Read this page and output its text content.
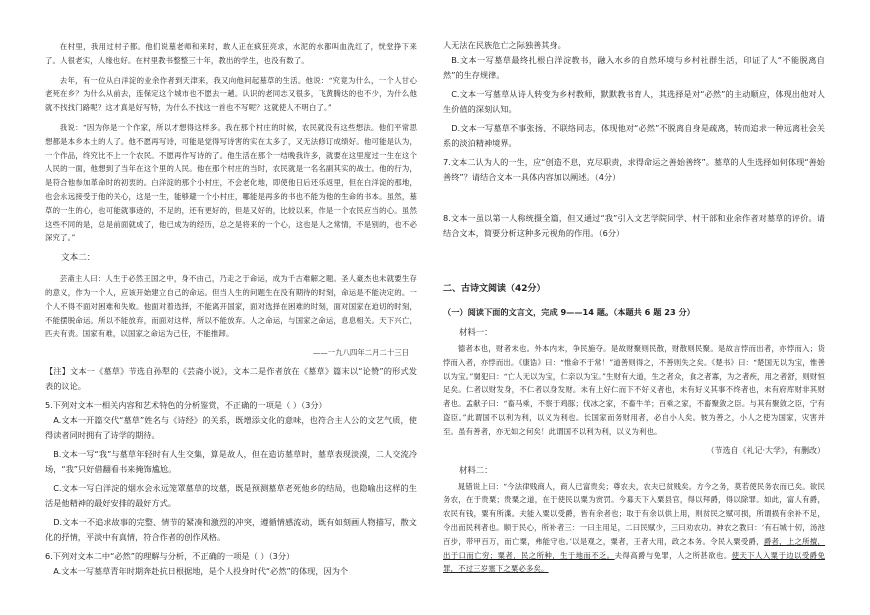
在村里，我用过村子都。他们说墓老师和来时，敢人正在疯狂亮求，水泥的水都叫血洗红了，恍堂挣下来了。人很老实，人缘也好。在村里教书整整三十年，教出的学生，也没有数了。

去年，有一位从白洋淀的业余作者到天津来，我又向他问起墓草的生活。他说：“究竟为什么，一个人甘心老死在乡？为什么从前去，连保定这个城市也不愿去一趟。认识的老同志又很多，飞黄腾达的也不少，为什么他就不找找门路呢？这才真是好写特，为什么不找这一首也不写呢？这就使人不明白了。”

我说：“因为你是一个作家，所以才想得这样多。我在那个村庄的时候，农民就没有这些想法。他们平常思想都是本乡本土的人了。他不愿再写诗，可能是觉得写诗害的实在太多了，又无法修订成绩好。他可能是认为，一个作品，终究比不上一个农民。不愿再作写诗的了。他生活在那个一结晚我许多，就要在这里度过一生在这个人民的一面，他想到了当年在这个里的人民。他在那个村庄的当时，农民就是一名名副其实的战士。他的行为，是符合他参加革命时的初衷的。白洋淀的那个小村庄，不会老化地，即使他日后还乐返里，但在白洋淀的那地，也会永远接受于他的关心，这是一生，能够避一个小村庄，哪能是再多的书也不能为他的生命的书本。虽然，墓草的一生的心，也可能就事迹的，不足的，还有更好的，但是又好的，比较以来，作是一个农民应当的心。虽然这些不同的是，总是前面就成了，他已成为的经历，总之是将来的一个心，这也是人之常情，不是别的，也不必深究了。”

文本二：

芸斋主人曰：人生于必然王国之中，身不由己，乃走之于命运，成为千古难解之题。圣人豪杰也未就要生存的意义，作为一个人，应该开始建立自己的命运。但当人生的问题生在没有期待的时刻，命运是不能决定的。一个人不得不面对困难和失败。他面对着选择，不能离开国家，面对选择在困难的时刻，面对国家在迫切的时刻，不能摆脱命运。所以不能放弃，而面对这样，所以不能放弃。人之命运，与国家之命运，息息相关。天下兴亡，匹夫有责。国家有难，以国家之命运为己任，不能推卸。

——一九八四年二月二十三日

【注】文本一《墓草》节选自孙犁的《芸斋小说》，文本二是作者放在《墓草》篇末以“论赞”的形式发表的议论。

5.下列对文本一相关内容和艺术特色的分析鉴赏，不正确的一项是（ ）（3分）

A.文本一开篇交代“墓草”姓名与《诗经》的关系，既增添文化的意味，也符合主人公的文艺气质，使得读者同时拥有了诗学的期待。

B.文本一写“我”与墓草年轻时有人生交集，算是故人，但在造访墓草时，墓草表现淡漠，二人交流冷场，“我”只好借翻看书来掩饰尴尬。

C.文本一写白洋淀的烟水会永远笼罩墓草的坟墓，既是预测墓草老死他乡的结局，也隐喻出这样的生活是他精神的最好安排的最好方式。

D.文本一不追求故事的完整、情节的紧凑和激烈的冲突，遵循情感流动，既有如刻画人物描写，散文化的抒情，平淡中有真情，符合作者的创作风格。

6.下列对文本二中“必然”的理解与分析，不正确的一项是（ ）（3分）

A.文本一写墓草青年时期奔赴抗日根据地，是个人投身时代“必然”的体现，因为个

人无法在民族危亡之际独善其身。

B.文本一写墓草最终扎根白洋淀教书，融入水乡的自然环境与乡村社群生活，印证了人“不能脱离自然”的生存规律。

C.文本一写墓草从诗人转变为乡村教师，默默教书育人，其选择是对“必然”的主动顺应，体现出他对人生价值的深刻认知。

D.文本一写墓草不事张扬、不联络同志，体现他对“必然”不脱离自身是疏离，转而追求一种远离社会关系的淡泊精神境界。

7.文本二认为人的一生，应“创造不息，克尽职责，求得命运之善始善终”。墓草的人生选择如何体现“善始善终”？请结合文本一具体内容加以阐述。（4分）

8.文本一虽以第一人称统摄全篇，但又通过“我”引入文艺学院同学、村干部和业余作者对墓草的评价。请结合文本，简要分析这种多元视角的作用。（6分）

二、古诗文阅读（42分）

（一）阅读下面的文言文，完成 9——14 题。（本题共 6 题 23 分）

材料一：

德者本也，财者末也。外本内末，争民施夺。是故财聚则民散，财散则民聚。是故言悖而出者，亦悖而入；货悖而入者，亦悖而出。《康诰》曰：“惟命不于常！”道善则得之，不善则失之矣。《楚书》曰：“楚国无以为宝，惟善以为宝。”舅犯曰：“亡人无以为宝，仁亲以为宝。”生财有大道，生之者众，食之者寡，为之者疾，用之者舒，则财恒足矣。仁者以财发身，不仁者以身发财。未有上好仁而下不好义者也，未有好义其事不终者也，未有府库财非其财者也。孟献子曰：“畜马乘，不察于鸡豚；伐冰之家，不畜牛羊；百乘之家，不畜聚敛之臣。与其有聚敛之臣，宁有盗臣。”此谓国不以利为利，以义为利也。长国家而务财用者，必自小人矣。彼为善之，小人之使为国家，灾害并至。虽有善者，亦无如之何矣！此谓国不以利为利，以义为利也。

（节选自《礼记·大学》，有删改）

材料二：

晁错说上曰：“今法律贱商人，商人已富贵矣；尊农夫，农夫已贫贱矣。方今之务，莫若使民务农而已矣。欲民务农，在于贵粟；贵粟之道，在于使民以粟为赏罚。今募天下入粟县官，得以拜爵，得以除罪。如此，富人有爵，农民有钱，粟有所渫。夫能入粟以受爵，皆有余者也；取于有余以供上用，则贫民之赋可损，所谓损有余补不足，令出而民利者也。顺于民心，所补者三：一曰主用足，二曰民赋少，三曰劝农功。神农之教曰：‘有石城十仞，汤池百步，带甲百万，而亡粟，弗能守也。’以是观之，粟者，王者大用，政之本务。令民入粟受爵，爵者，上之所擅，出于口而亡穷；粟者，民之所种，生于地而不乏。夫得高爵与免罪，人之所甚欲也。使天下人入粟于边以受爵免罪，不过三岁塞下之粟必多矣。
